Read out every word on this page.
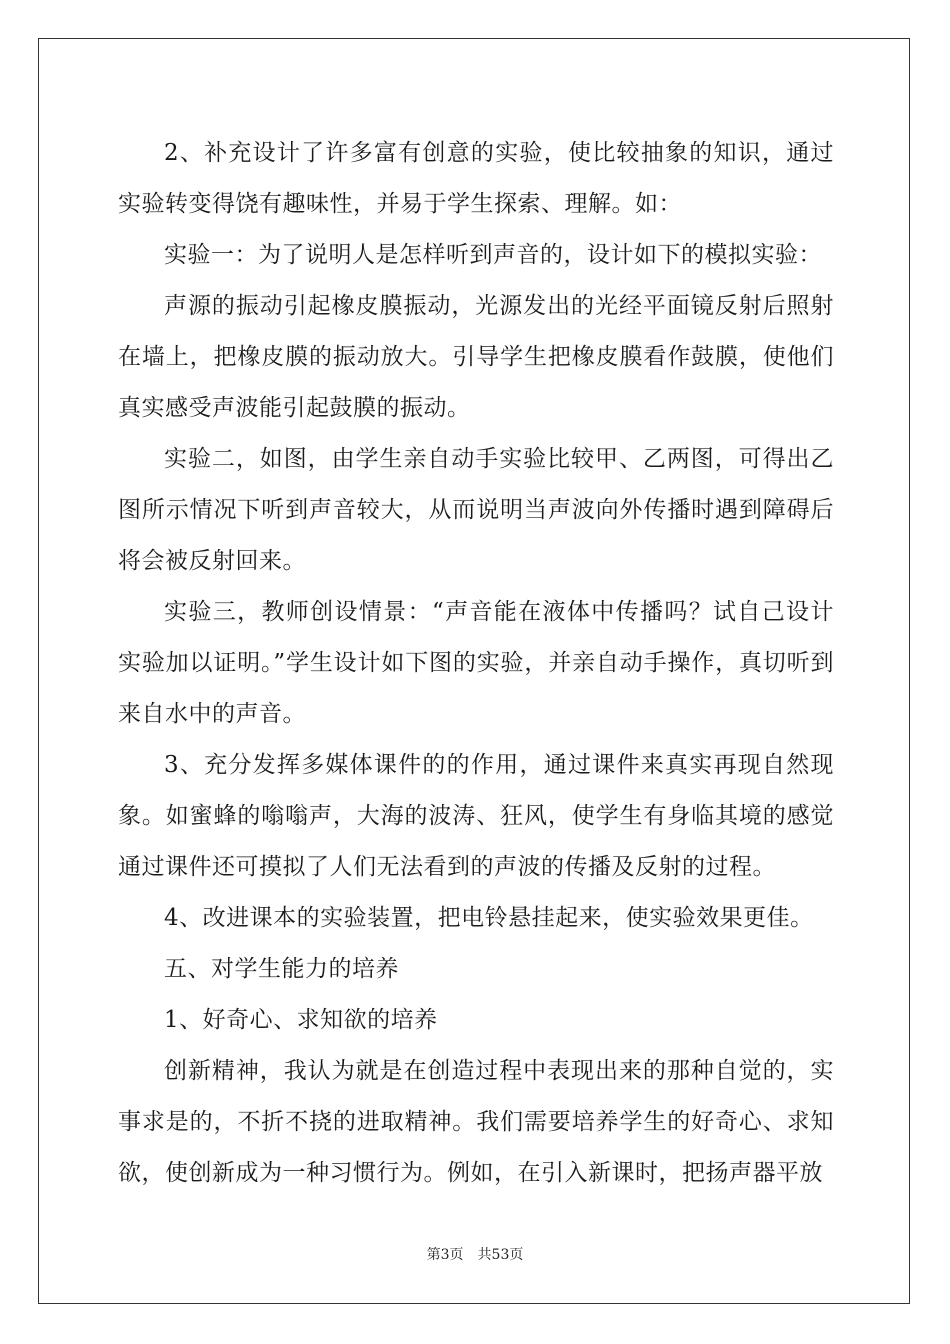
2、补充设计了许多富有创意的实验，使比较抽象的知识，通过实验转变得饶有趣味性，并易于学生探索、理解。如：

实验一：为了说明人是怎样听到声音的，设计如下的模拟实验：

声源的振动引起橡皮膜振动，光源发出的光经平面镜反射后照射在墙上，把橡皮膜的振动放大。引导学生把橡皮膜看作鼓膜，使他们真实感受声波能引起鼓膜的振动。

实验二，如图，由学生亲自动手实验比较甲、乙两图，可得出乙图所示情况下听到声音较大，从而说明当声波向外传播时遇到障碍后将会被反射回来。

实验三，教师创设情景：“声音能在液体中传播吗？试自己设计实验加以证明。”学生设计如下图的实验，并亲自动手操作，真切听到来自水中的声音。

3、充分发挥多媒体课件的的作用，通过课件来真实再现自然现象。如蜜蜂的嗡嗡声，大海的波涛、狂风，使学生有身临其境的感觉通过课件还可摸拟了人们无法看到的声波的传播及反射的过程。

4、改进课本的实验装置，把电铃悬挂起来，使实验效果更佳。

五、对学生能力的培养

1、好奇心、求知欲的培养

创新精神，我认为就是在创造过程中表现出来的那种自觉的，实事求是的，不折不挠的进取精神。我们需要培养学生的好奇心、求知欲，使创新成为一种习惯行为。例如，在引入新课时，把扬声器平放

第3页 共53页
